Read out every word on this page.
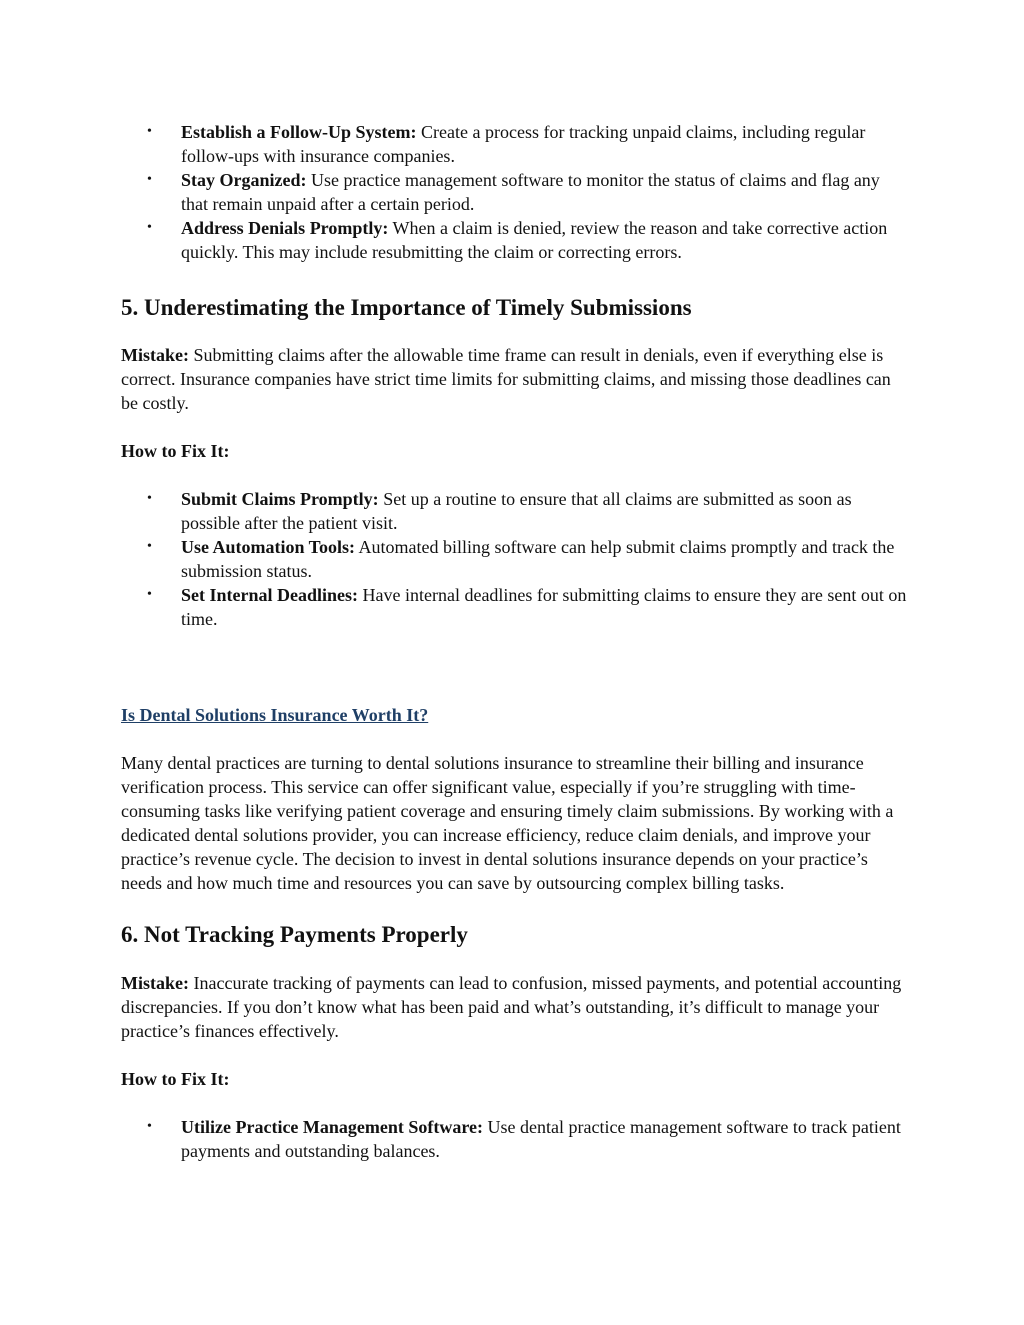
• Establish a Follow-Up System: Create a process for tracking unpaid claims, including regular follow-ups with insurance companies.
• Stay Organized: Use practice management software to monitor the status of claims and flag any that remain unpaid after a certain period.
• Address Denials Promptly: When a claim is denied, review the reason and take corrective action quickly. This may include resubmitting the claim or correcting errors.
5. Underestimating the Importance of Timely Submissions

Mistake: Submitting claims after the allowable time frame can result in denials, even if everything else is correct. Insurance companies have strict time limits for submitting claims, and missing those deadlines can be costly.

How to Fix It:

• Submit Claims Promptly: Set up a routine to ensure that all claims are submitted as soon as possible after the patient visit.
• Use Automation Tools: Automated billing software can help submit claims promptly and track the submission status.
• Set Internal Deadlines: Have internal deadlines for submitting claims to ensure they are sent out on time.

Is Dental Solutions Insurance Worth It?

Many dental practices are turning to dental solutions insurance to streamline their billing and insurance verification process. This service can offer significant value, especially if you’re struggling with time-consuming tasks like verifying patient coverage and ensuring timely claim submissions. By working with a dedicated dental solutions provider, you can increase efficiency, reduce claim denials, and improve your practice’s revenue cycle. The decision to invest in dental solutions insurance depends on your practice’s needs and how much time and resources you can save by outsourcing complex billing tasks.

6. Not Tracking Payments Properly

Mistake: Inaccurate tracking of payments can lead to confusion, missed payments, and potential accounting discrepancies. If you don’t know what has been paid and what’s outstanding, it’s difficult to manage your practice’s finances effectively.

How to Fix It:

• Utilize Practice Management Software: Use dental practice management software to track patient payments and outstanding balances.
